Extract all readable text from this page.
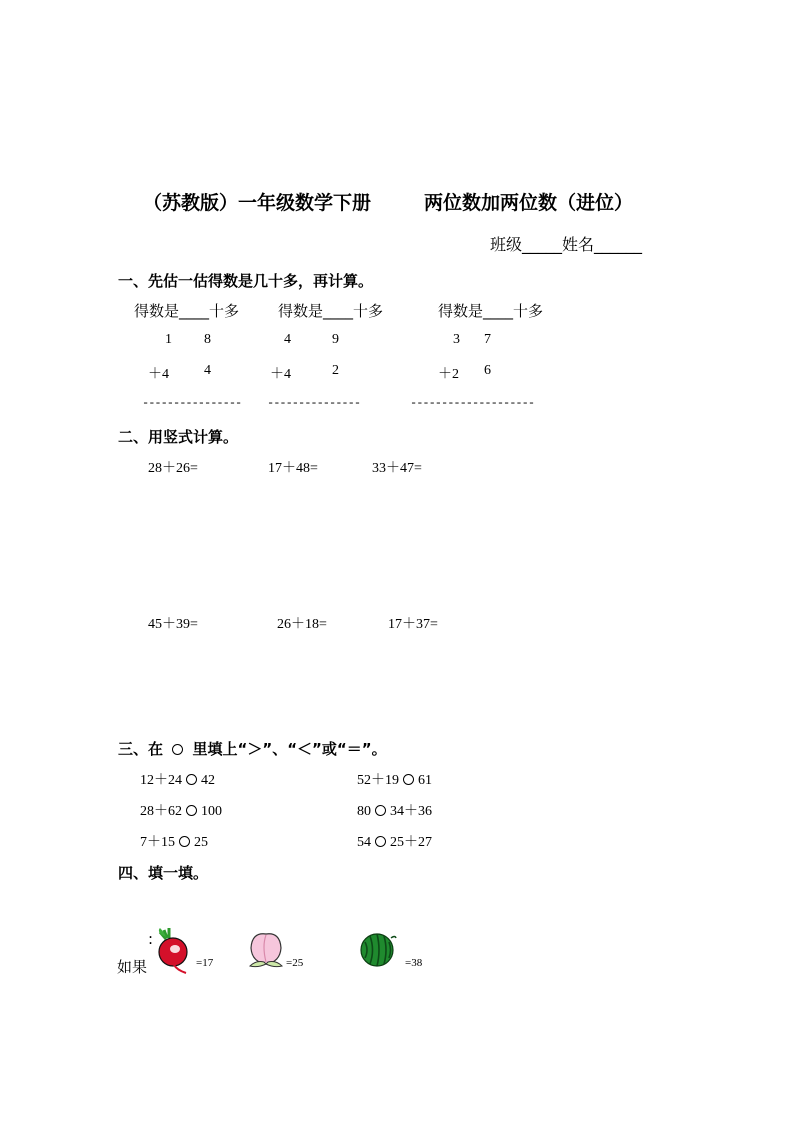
（苏教版）一年级数学下册	两位数加两位数（进位）
班级_____姓名______
一、先估一估得数是几十多，再计算。
得数是____十多	得数是____十多	得数是____十多
1 8
＋4	4
----------------
4	9
＋4	2
---------------
3 7
＋2 6
--------------------
二、用竖式计算。
28＋26=	17＋48=	33＋47=
45＋39=	26＋18=	17＋37=
三、在 里填上“＞”、“＜”或“＝”。
12＋24 42	52＋19 61
28＋62 100	80 34＋36
7＋15 25	54 25＋27
四、填一填。
:
如果	=17	=25	=38
